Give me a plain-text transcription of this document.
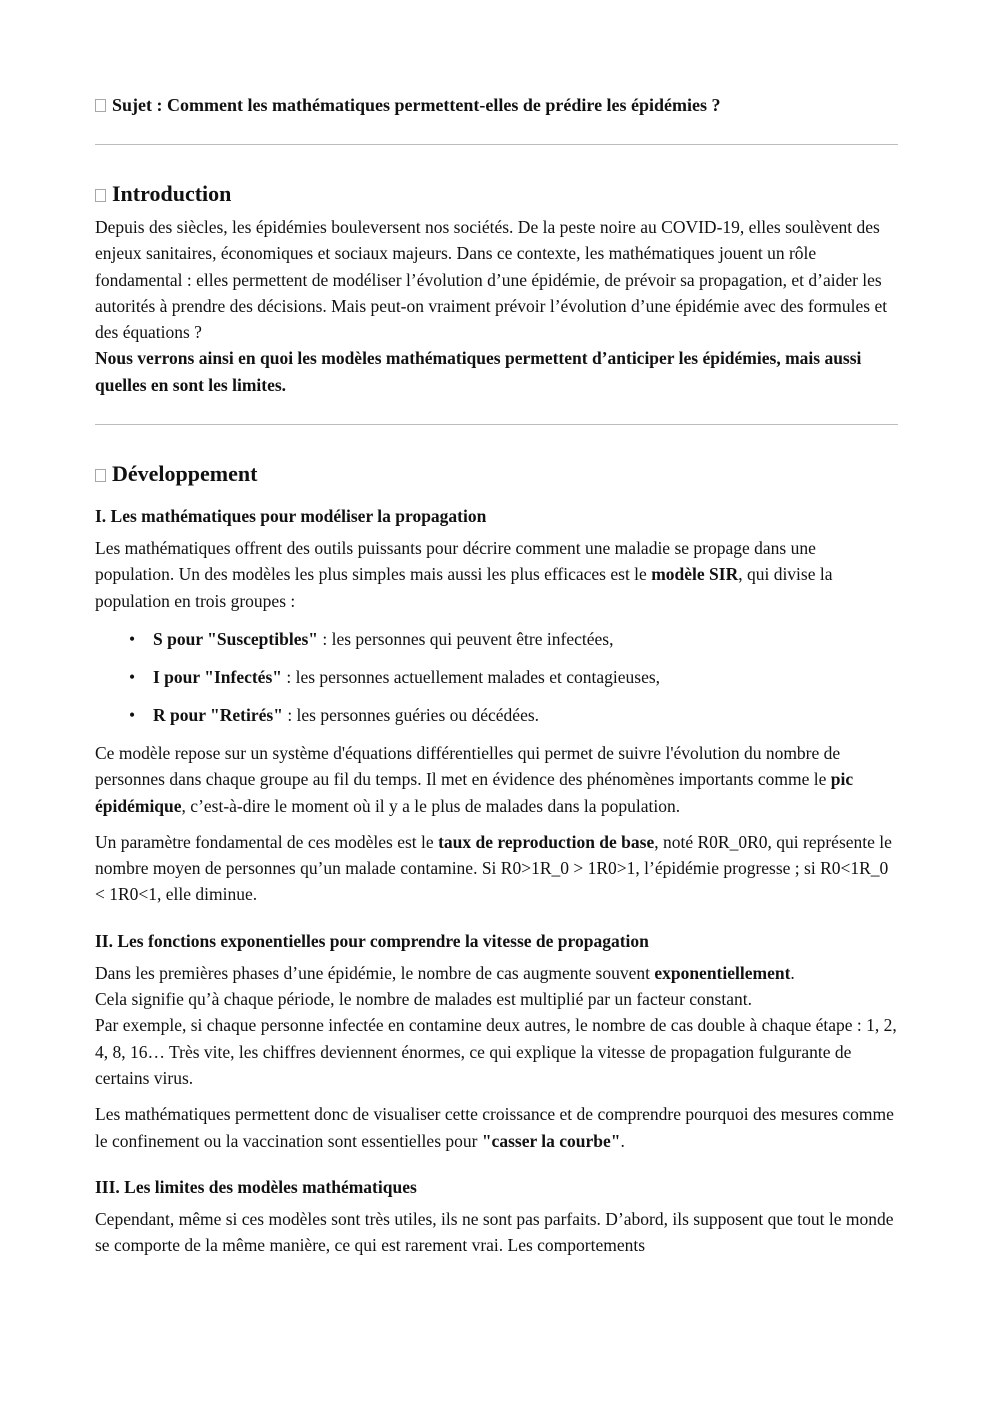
Sujet : Comment les mathématiques permettent-elles de prédire les épidémies ?

Introduction

Depuis des siècles, les épidémies bouleversent nos sociétés. De la peste noire au COVID-19, elles soulèvent des enjeux sanitaires, économiques et sociaux majeurs. Dans ce contexte, les mathématiques jouent un rôle fondamental : elles permettent de modéliser l’évolution d’une épidémie, de prévoir sa propagation, et d’aider les autorités à prendre des décisions. Mais peut-on vraiment prévoir l’évolution d’une épidémie avec des formules et des équations ?
Nous verrons ainsi en quoi les modèles mathématiques permettent d’anticiper les épidémies, mais aussi quelles en sont les limites.

Développement
I. Les mathématiques pour modéliser la propagation

Les mathématiques offrent des outils puissants pour décrire comment une maladie se propage dans une population. Un des modèles les plus simples mais aussi les plus efficaces est le modèle SIR, qui divise la population en trois groupes :

• S pour "Susceptibles" : les personnes qui peuvent être infectées,
• I pour "Infectés" : les personnes actuellement malades et contagieuses,
• R pour "Retirés" : les personnes guéries ou décédées.

Ce modèle repose sur un système d'équations différentielles qui permet de suivre l'évolution du nombre de personnes dans chaque groupe au fil du temps. Il met en évidence des phénomènes importants comme le pic épidémique, c’est-à-dire le moment où il y a le plus de malades dans la population.

Un paramètre fondamental de ces modèles est le taux de reproduction de base, noté R0R_0R0, qui représente le nombre moyen de personnes qu’un malade contamine. Si R0>1R_0 > 1R0>1, l’épidémie progresse ; si R0<1R_0 < 1R0<1, elle diminue.

II. Les fonctions exponentielles pour comprendre la vitesse de propagation

Dans les premières phases d’une épidémie, le nombre de cas augmente souvent exponentiellement.
Cela signifie qu’à chaque période, le nombre de malades est multiplié par un facteur constant.
Par exemple, si chaque personne infectée en contamine deux autres, le nombre de cas double à chaque étape : 1, 2, 4, 8, 16… Très vite, les chiffres deviennent énormes, ce qui explique la vitesse de propagation fulgurante de certains virus.

Les mathématiques permettent donc de visualiser cette croissance et de comprendre pourquoi des mesures comme le confinement ou la vaccination sont essentielles pour "casser la courbe".

III. Les limites des modèles mathématiques

Cependant, même si ces modèles sont très utiles, ils ne sont pas parfaits. D’abord, ils supposent que tout le monde se comporte de la même manière, ce qui est rarement vrai. Les comportements
